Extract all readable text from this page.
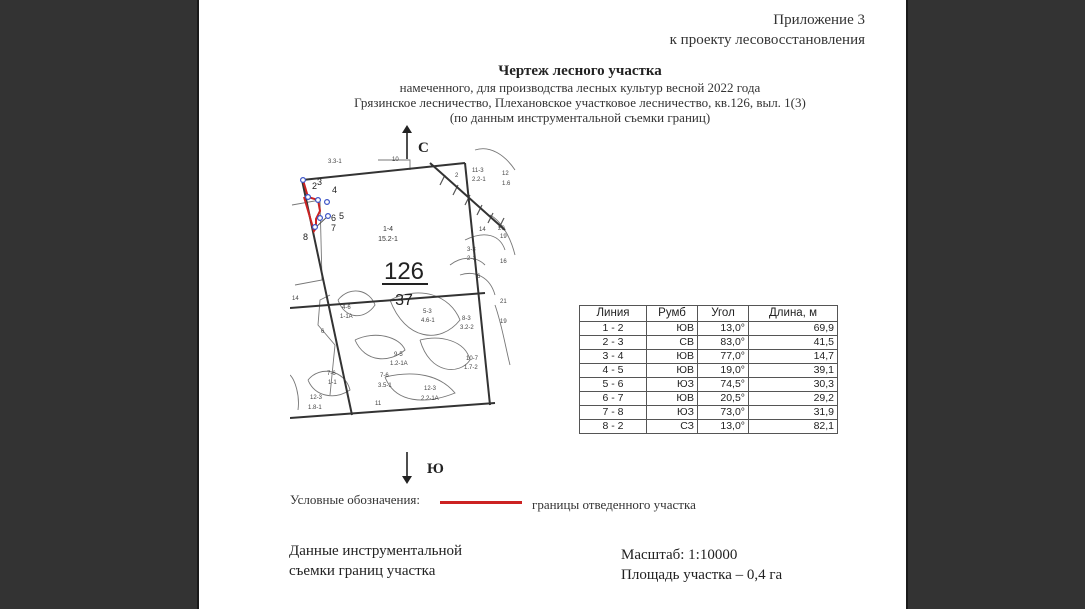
Приложение 3
к проекту лесовосстановления
Чертеж лесного участка
намеченного, для производства лесных культур весной 2022 года
Грязинское лесничество, Плехановское участковое лесничество, кв.126, выл. 1(3)
(по данным инструментальной съемки границ)
С
126
37
1-4
15.2-1
2 3
4
5
6
7
8
3.3-1	10
2
11-3
2.2-1
12
1.6
4-6
1-1А
5-3
4.6-1	8-3
3.2-2
9-5
1.2-1А
10-7
1.7-2
7-6
1-1
7-6
3.5-1
12-3
1.8-1
12-3
2.2-1А
11
14
6
3-3
2-1
6
20
19
21
14
19
16
Линия	Румб	Угол	Длина, м
1 - 2	ЮВ	13,0°	69,9
2 - 3	СВ	83,0°	41,5
3 - 4	ЮВ	77,0°	14,7
4 - 5	ЮВ	19,0°	39,1
5 - 6	ЮЗ	74,5°	30,3
6 - 7	ЮВ	20,5°	29,2
7 - 8	ЮЗ	73,0°	31,9
8 - 2	СЗ	13,0°	82,1
Ю
Условные обозначения:	границы отведенного участка
Данные инструментальной
съемки границ участка
Масштаб: 1:10000
Площадь участка – 0,4 га
